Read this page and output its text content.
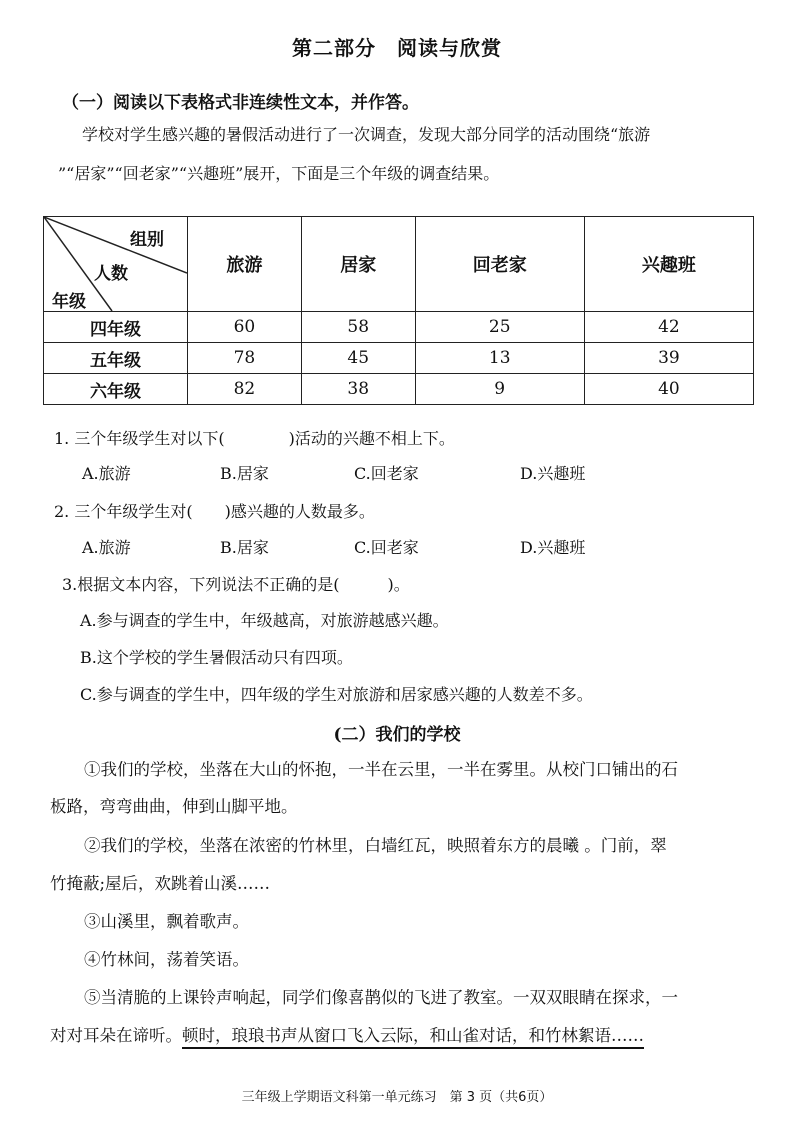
第二部分　阅读与欣赏
（一）阅读以下表格式非连续性文本，并作答。
学校对学生感兴趣的暑假活动进行了一次调查，发现大部分同学的活动围绕“旅游
”“居家”“回老家”“兴趣班”展开，下面是三个年级的调查结果。
组别
人数
年级	旅游	居家	回老家	兴趣班
四年级	60	58	25	42
五年级	78	45	13	39
六年级	82	38	9	40
1. 三个年级学生对以下(　　　　)活动的兴趣不相上下。
A.旅游	B.居家	C.回老家	D.兴趣班
2. 三个年级学生对(　　)感兴趣的人数最多。
A.旅游	B.居家	C.回老家	D.兴趣班
3.根据文本内容，下列说法不正确的是(　　　)。
A.参与调查的学生中，年级越高，对旅游越感兴趣。
B.这个学校的学生暑假活动只有四项。
C.参与调查的学生中，四年级的学生对旅游和居家感兴趣的人数差不多。
(二）我们的学校
①我们的学校，坐落在大山的怀抱，一半在云里，一半在雾里。从校门口铺出的石
板路，弯弯曲曲，伸到山脚平地。
②我们的学校，坐落在浓密的竹林里，白墙红瓦，映照着东方的晨曦 。门前，翠
竹掩蔽;屋后，欢跳着山溪……
③山溪里，飘着歌声。
④竹林间，荡着笑语。
⑤当清脆的上课铃声响起，同学们像喜鹊似的飞进了教室。一双双眼睛在探求，一
对对耳朵在谛听。顿时，琅琅书声从窗口飞入云际，和山雀对话，和竹林絮语……
三年级上学期语文科第一单元练习　第 3 页（共6页）
